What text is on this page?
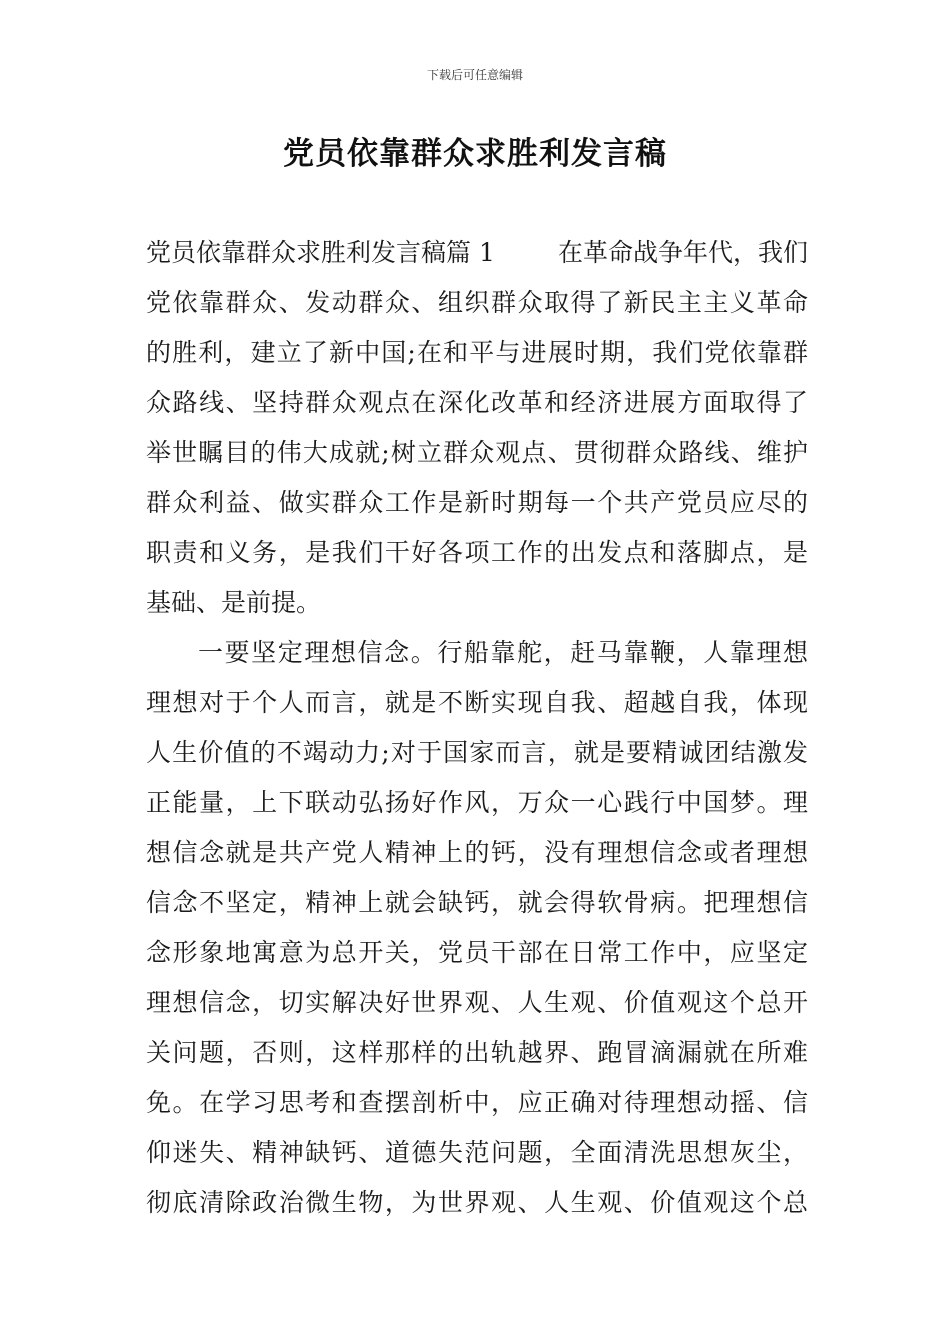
下载后可任意编辑
党员依靠群众求胜利发言稿
党员依靠群众求胜利发言稿篇 1	在革命战争年代，我们
党依靠群众、发动群众、组织群众取得了新民主主义革命
的胜利，建立了新中国;在和平与进展时期，我们党依靠群
众路线、坚持群众观点在深化改革和经济进展方面取得了
举世瞩目的伟大成就;树立群众观点、贯彻群众路线、维护
群众利益、做实群众工作是新时期每一个共产党员应尽的
职责和义务，是我们干好各项工作的出发点和落脚点，是
基础、是前提。
一要坚定理想信念。行船靠舵，赶马靠鞭，人靠理想
理想对于个人而言，就是不断实现自我、超越自我，体现
人生价值的不竭动力;对于国家而言，就是要精诚团结激发
正能量，上下联动弘扬好作风，万众一心践行中国梦。理
想信念就是共产党人精神上的钙，没有理想信念或者理想
信念不坚定，精神上就会缺钙，就会得软骨病。把理想信
念形象地寓意为总开关，党员干部在日常工作中，应坚定
理想信念，切实解决好世界观、人生观、价值观这个总开
关问题，否则，这样那样的出轨越界、跑冒滴漏就在所难
免。在学习思考和查摆剖析中，应正确对待理想动摇、信
仰迷失、精神缺钙、道德失范问题，全面清洗思想灰尘，
彻底清除政治微生物，为世界观、人生观、价值观这个总
